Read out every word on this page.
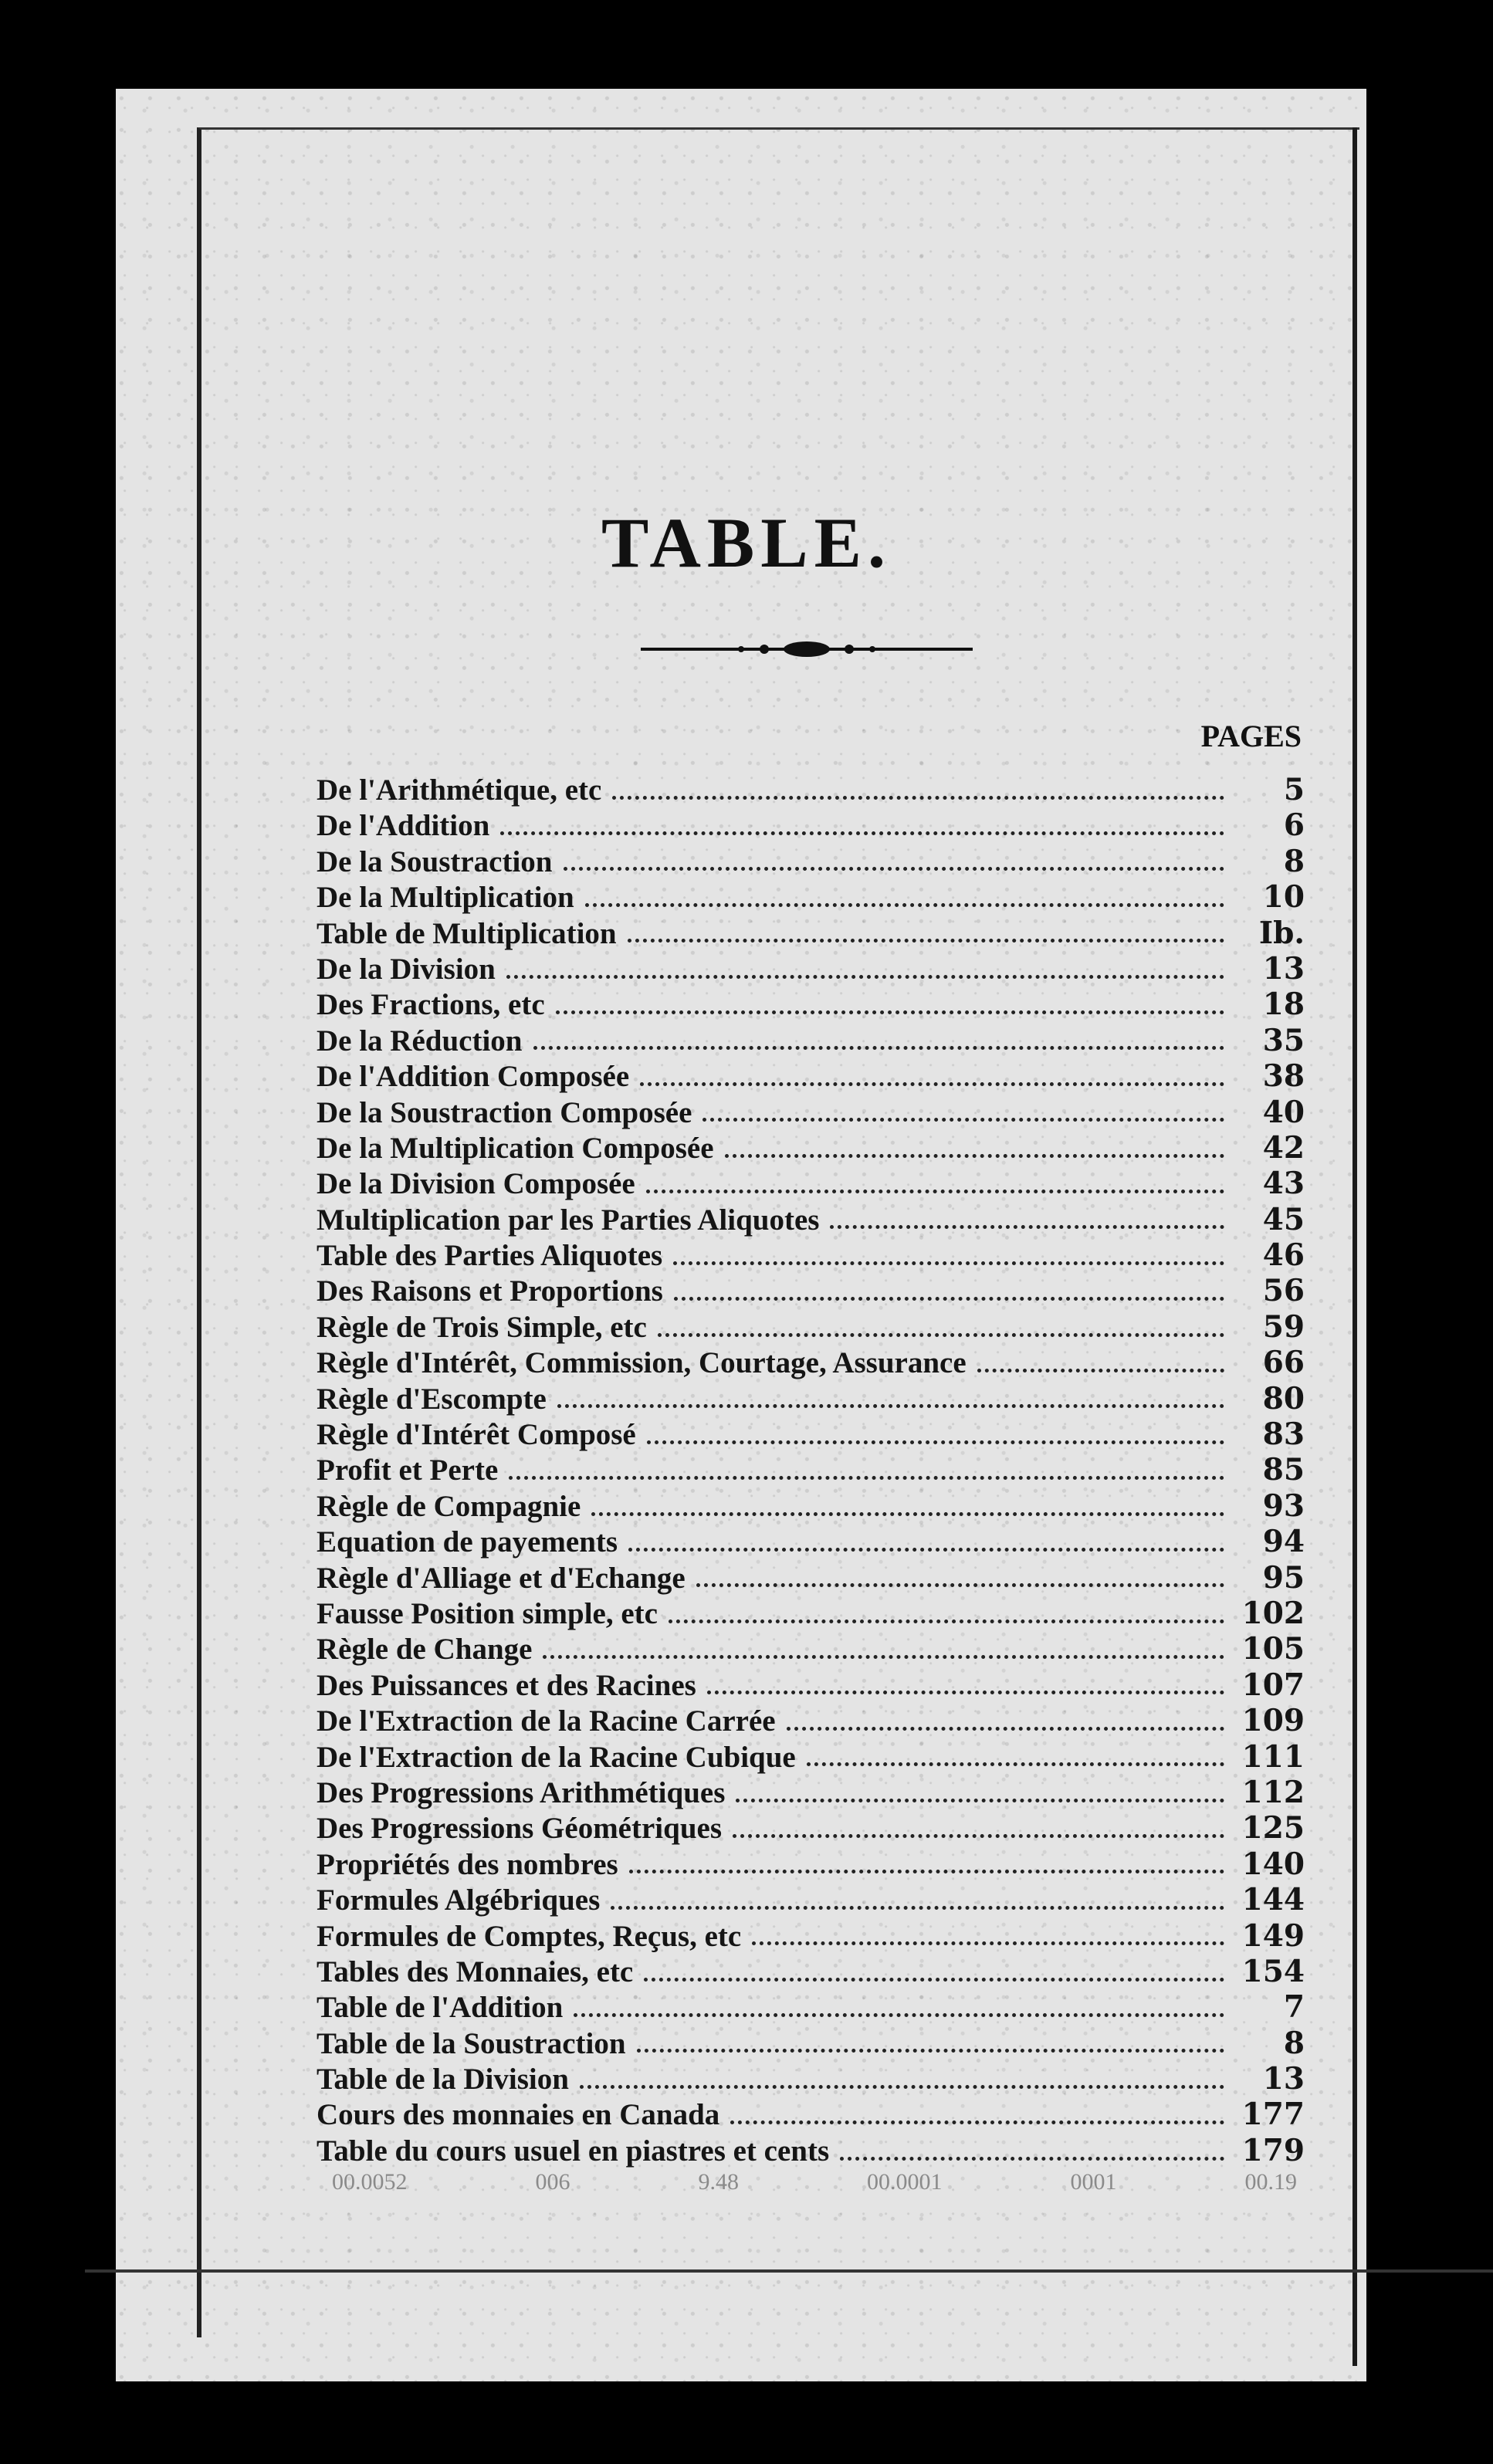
TABLE.
PAGES
De l'Arithmétique, etc	5
De l'Addition	6
De la Soustraction	8
De la Multiplication	10
Table de Multiplication	Ib.
De la Division	13
Des Fractions, etc	18
De la Réduction	35
De l'Addition Composée	38
De la Soustraction Composée	40
De la Multiplication Composée	42
De la Division Composée	43
Multiplication par les Parties Aliquotes	45
Table des Parties Aliquotes	46
Des Raisons et Proportions	56
Règle de Trois Simple, etc	59
Règle d'Intérêt, Commission, Courtage, Assurance	66
Règle d'Escompte	80
Règle d'Intérêt Composé	83
Profit et Perte	85
Règle de Compagnie	93
Equation de payements	94
Règle d'Alliage et d'Echange	95
Fausse Position simple, etc	102
Règle de Change	105
Des Puissances et des Racines	107
De l'Extraction de la Racine Carrée	109
De l'Extraction de la Racine Cubique	111
Des Progressions Arithmétiques	112
Des Progressions Géométriques	125
Propriétés des nombres	140
Formules Algébriques	144
Formules de Comptes, Reçus, etc	149
Tables des Monnaies, etc	154
Table de l'Addition	7
Table de la Soustraction	8
Table de la Division	13
Cours des monnaies en Canada	177
Table du cours usuel en piastres et cents	179
00.0052	006	9.48	00.0001	0001	00.19
